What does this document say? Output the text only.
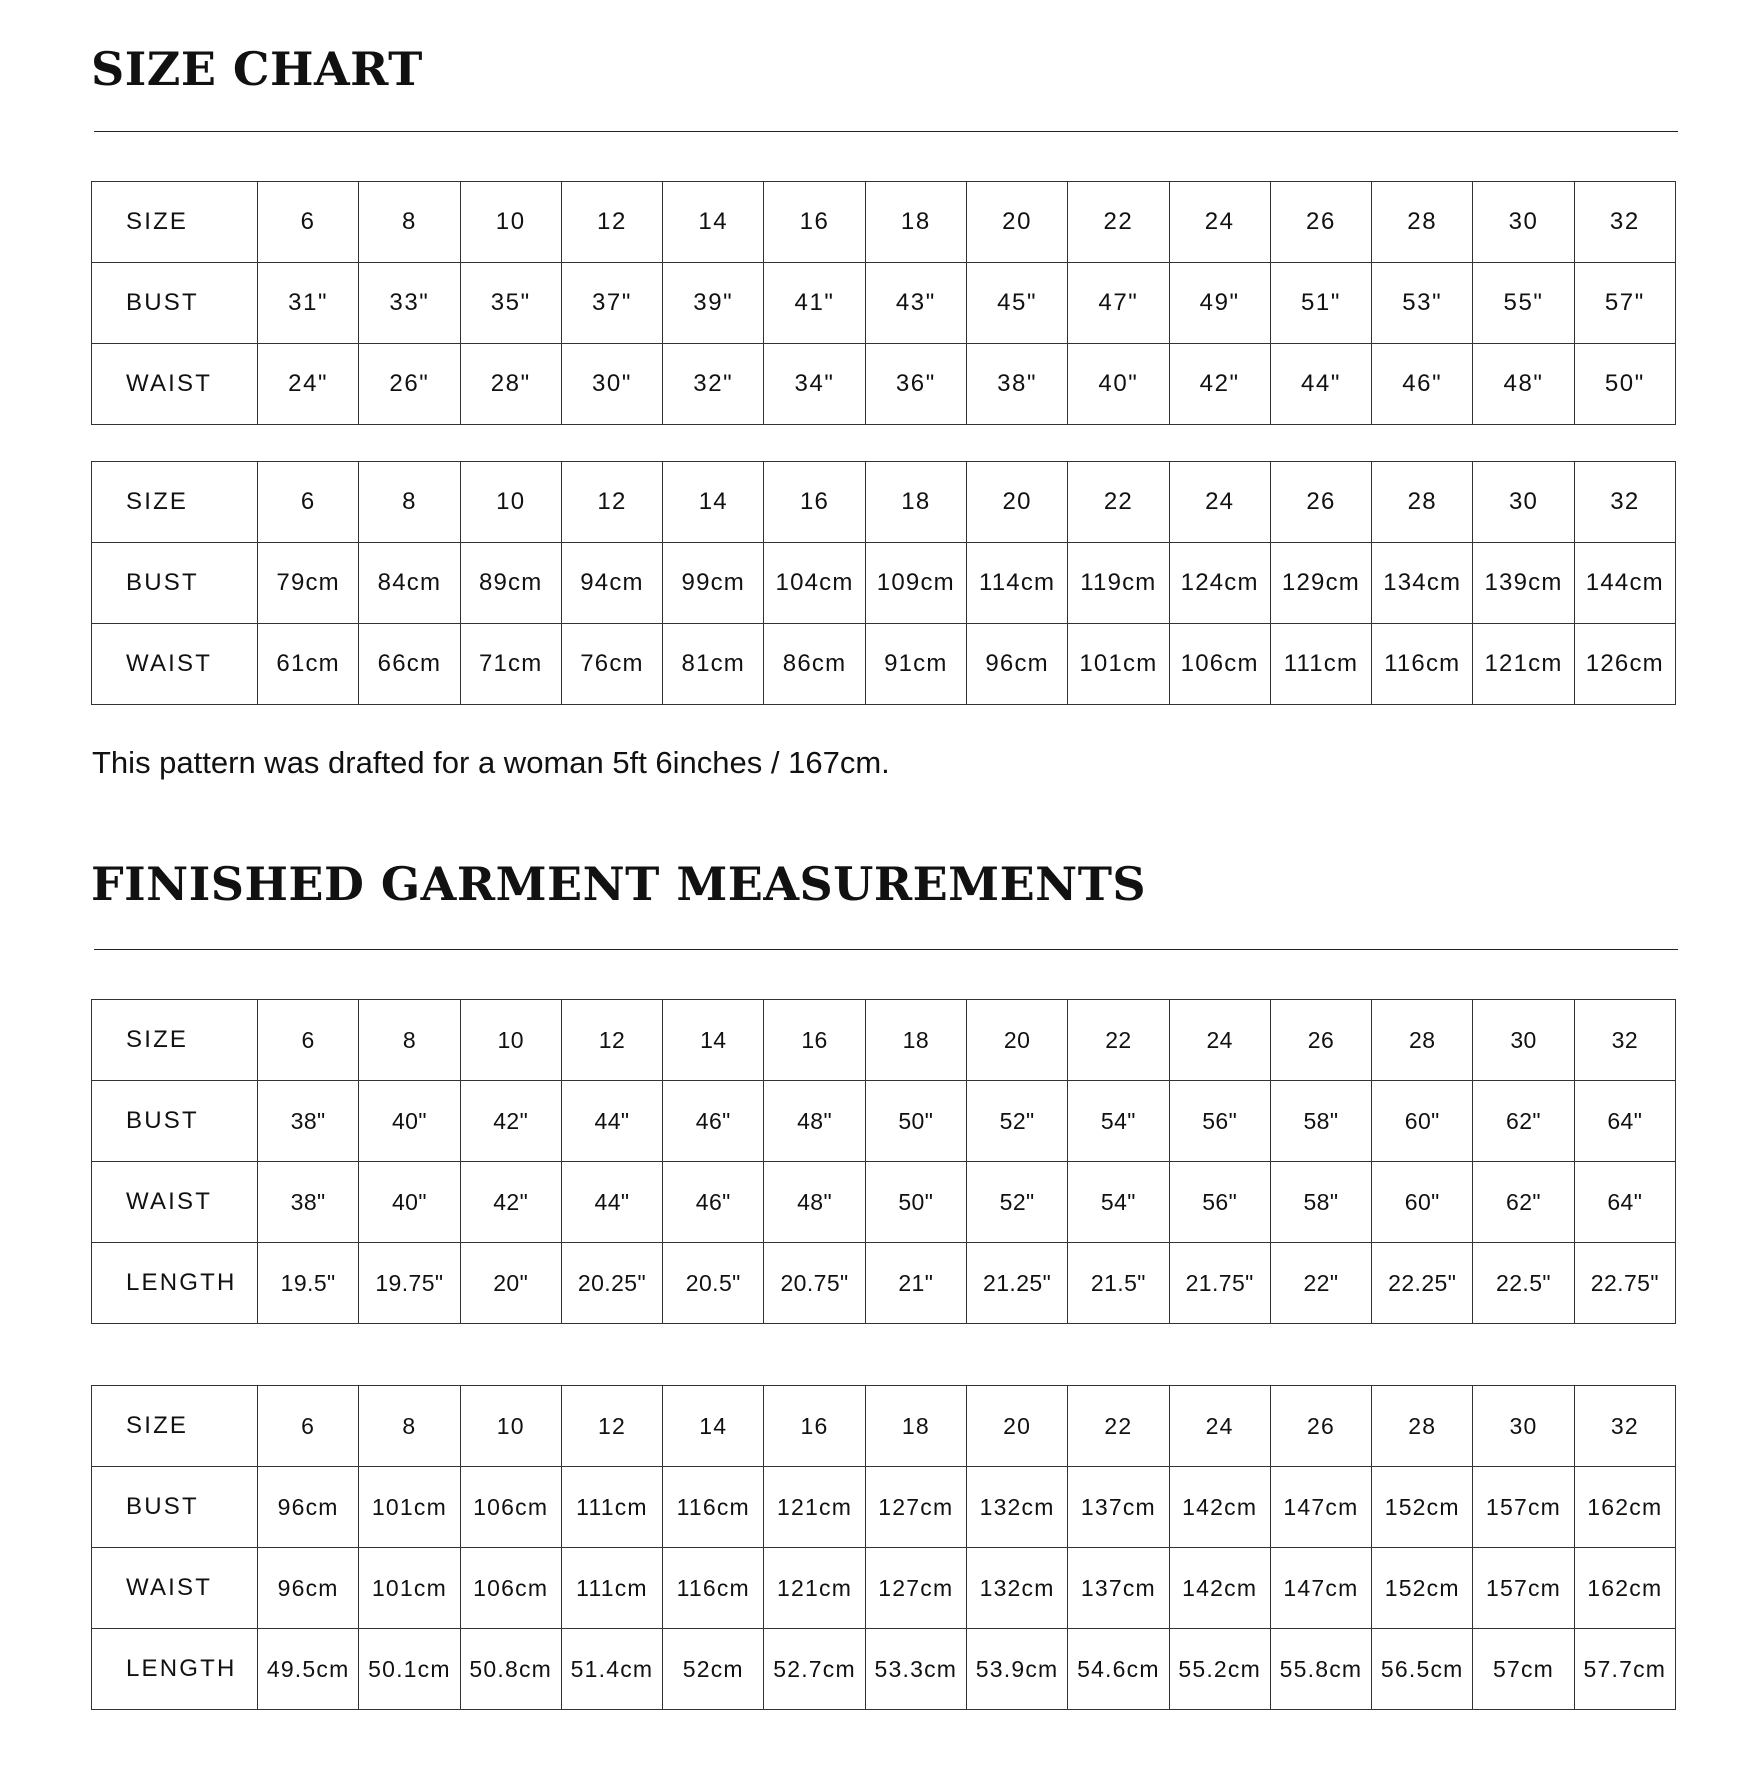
SIZE CHART
SIZE	6	8	10	12	14	16	18	20	22	24	26	28	30	32
BUST	31"	33"	35"	37"	39"	41"	43"	45"	47"	49"	51"	53"	55"	57"
WAIST	24"	26"	28"	30"	32"	34"	36"	38"	40"	42"	44"	46"	48"	50"
SIZE	6	8	10	12	14	16	18	20	22	24	26	28	30	32
BUST	79cm	84cm	89cm	94cm	99cm	104cm	109cm	114cm	119cm	124cm	129cm	134cm	139cm	144cm
WAIST	61cm	66cm	71cm	76cm	81cm	86cm	91cm	96cm	101cm	106cm	111cm	116cm	121cm	126cm

This pattern was drafted for a woman 5ft 6inches / 167cm.

FINISHED GARMENT MEASUREMENTS
SIZE	6	8	10	12	14	16	18	20	22	24	26	28	30	32
BUST	38"	40"	42"	44"	46"	48"	50"	52"	54"	56"	58"	60"	62"	64"
WAIST	38"	40"	42"	44"	46"	48"	50"	52"	54"	56"	58"	60"	62"	64"
LENGTH	19.5"	19.75"	20"	20.25"	20.5"	20.75"	21"	21.25"	21.5"	21.75"	22"	22.25"	22.5"	22.75"
SIZE	6	8	10	12	14	16	18	20	22	24	26	28	30	32
BUST	96cm	101cm	106cm	111cm	116cm	121cm	127cm	132cm	137cm	142cm	147cm	152cm	157cm	162cm
WAIST	96cm	101cm	106cm	111cm	116cm	121cm	127cm	132cm	137cm	142cm	147cm	152cm	157cm	162cm
LENGTH	49.5cm	50.1cm	50.8cm	51.4cm	52cm	52.7cm	53.3cm	53.9cm	54.6cm	55.2cm	55.8cm	56.5cm	57cm	57.7cm
